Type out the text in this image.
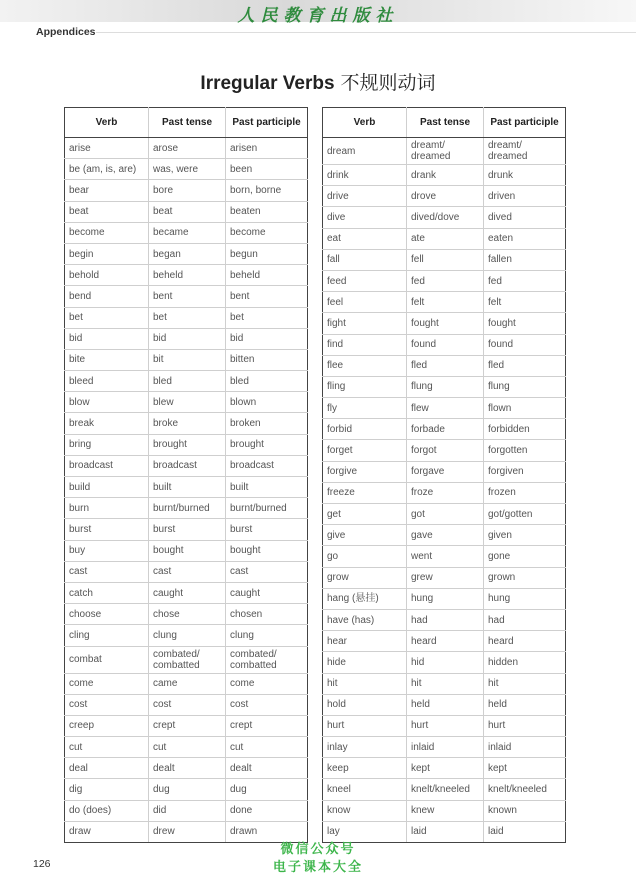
人民教育出版社
Appendices
Irregular Verbs 不规则动词
Verb	Past tense	Past participle
arise	arose	arisen
be (am, is, are)	was, were	been
bear	bore	born, borne
beat	beat	beaten
become	became	become
begin	began	begun
behold	beheld	beheld
bend	bent	bent
bet	bet	bet
bid	bid	bid
bite	bit	bitten
bleed	bled	bled
blow	blew	blown
break	broke	broken
bring	brought	brought
broadcast	broadcast	broadcast
build	built	built
burn	burnt/burned	burnt/burned
burst	burst	burst
buy	bought	bought
cast	cast	cast
catch	caught	caught
choose	chose	chosen
cling	clung	clung
combat	combated/ combatted	combated/ combatted
come	came	come
cost	cost	cost
creep	crept	crept
cut	cut	cut
deal	dealt	dealt
dig	dug	dug
do (does)	did	done
draw	drew	drawn
Verb	Past tense	Past participle
dream	dreamt/ dreamed	dreamt/ dreamed
drink	drank	drunk
drive	drove	driven
dive	dived/dove	dived
eat	ate	eaten
fall	fell	fallen
feed	fed	fed
feel	felt	felt
fight	fought	fought
find	found	found
flee	fled	fled
fling	flung	flung
fly	flew	flown
forbid	forbade	forbidden
forget	forgot	forgotten
forgive	forgave	forgiven
freeze	froze	frozen
get	got	got/gotten
give	gave	given
go	went	gone
grow	grew	grown
hang (悬挂)	hung	hung
have (has)	had	had
hear	heard	heard
hide	hid	hidden
hit	hit	hit
hold	held	held
hurt	hurt	hurt
inlay	inlaid	inlaid
keep	kept	kept
kneel	knelt/kneeled	knelt/kneeled
know	knew	known
lay	laid	laid
126
微信公众号
电子课本大全
